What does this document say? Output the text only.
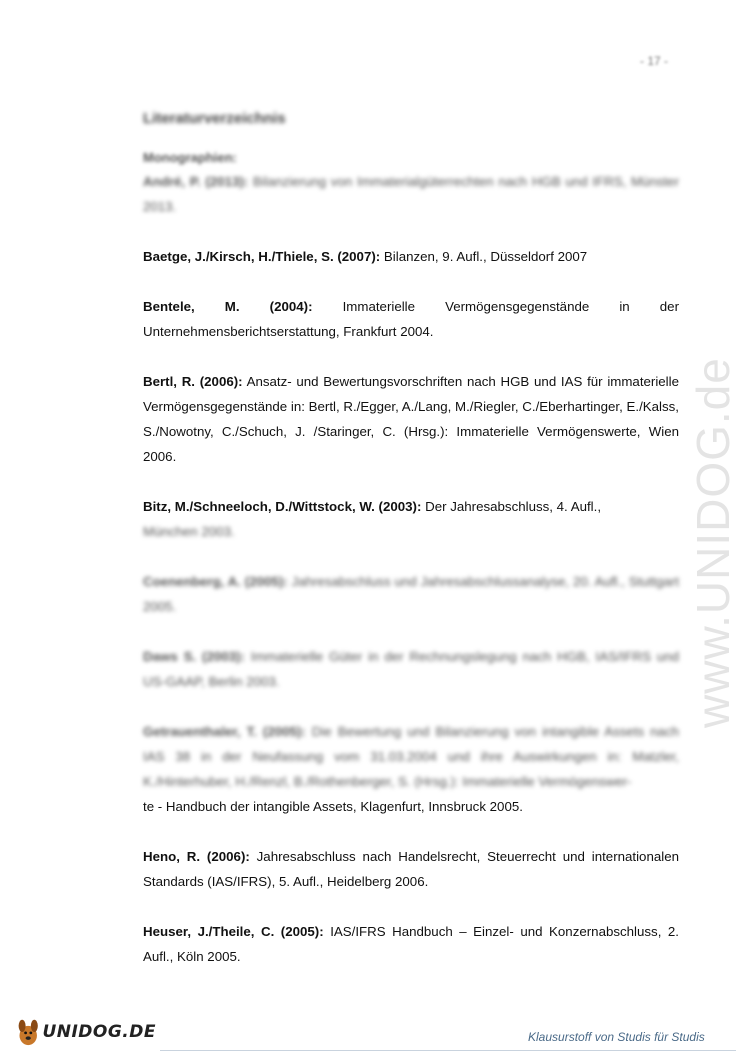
- 17 -
www.UNIDOG.de
Literaturverzeichnis
Monographien:
André, P. (2013): Bilanzierung von Immaterialgüterrechten nach HGB und IFRS, Münster 2013.
Baetge, J./Kirsch, H./Thiele, S. (2007): Bilanzen, 9. Aufl., Düsseldorf 2007
Bentele, M. (2004): Immaterielle Vermögensgegenstände in der Unternehmensberichtserstattung, Frankfurt 2004.
Bertl, R. (2006): Ansatz- und Bewertungsvorschriften nach HGB und IAS für immaterielle Vermögensgegenstände in: Bertl, R./Egger, A./Lang, M./Riegler, C./Eberhartinger, E./Kalss, S./Nowotny, C./Schuch, J. /Staringer, C. (Hrsg.): Immaterielle Vermögenswerte, Wien 2006.
Bitz, M./Schneeloch, D./Wittstock, W. (2003): Der Jahresabschluss, 4. Aufl.,
München 2003.
Coenenberg, A. (2005): Jahresabschluss und Jahresabschlussanalyse, 20. Aufl., Stuttgart 2005.
Daws S. (2003): Immaterielle Güter in der Rechnungslegung nach HGB, IAS/IFRS und US-GAAP, Berlin 2003.
Getrauenthaler, T. (2005): Die Bewertung und Bilanzierung von intangible Assets nach IAS 38 in der Neufassung vom 31.03.2004 und ihre Auswirkungen in: Matzler, K./Hinterhuber, H./Renzl, B./Rothenberger, S. (Hrsg.): Immaterielle Vermögenswer-
te - Handbuch der intangible Assets, Klagenfurt, Innsbruck 2005.
Heno, R. (2006): Jahresabschluss nach Handelsrecht, Steuerrecht und internationalen Standards (IAS/IFRS), 5. Aufl., Heidelberg 2006.
Heuser, J./Theile, C. (2005): IAS/IFRS Handbuch – Einzel- und Konzernabschluss, 2. Aufl., Köln 2005.
UNIDOG.DE	Klausurstoff von Studis für Studis
